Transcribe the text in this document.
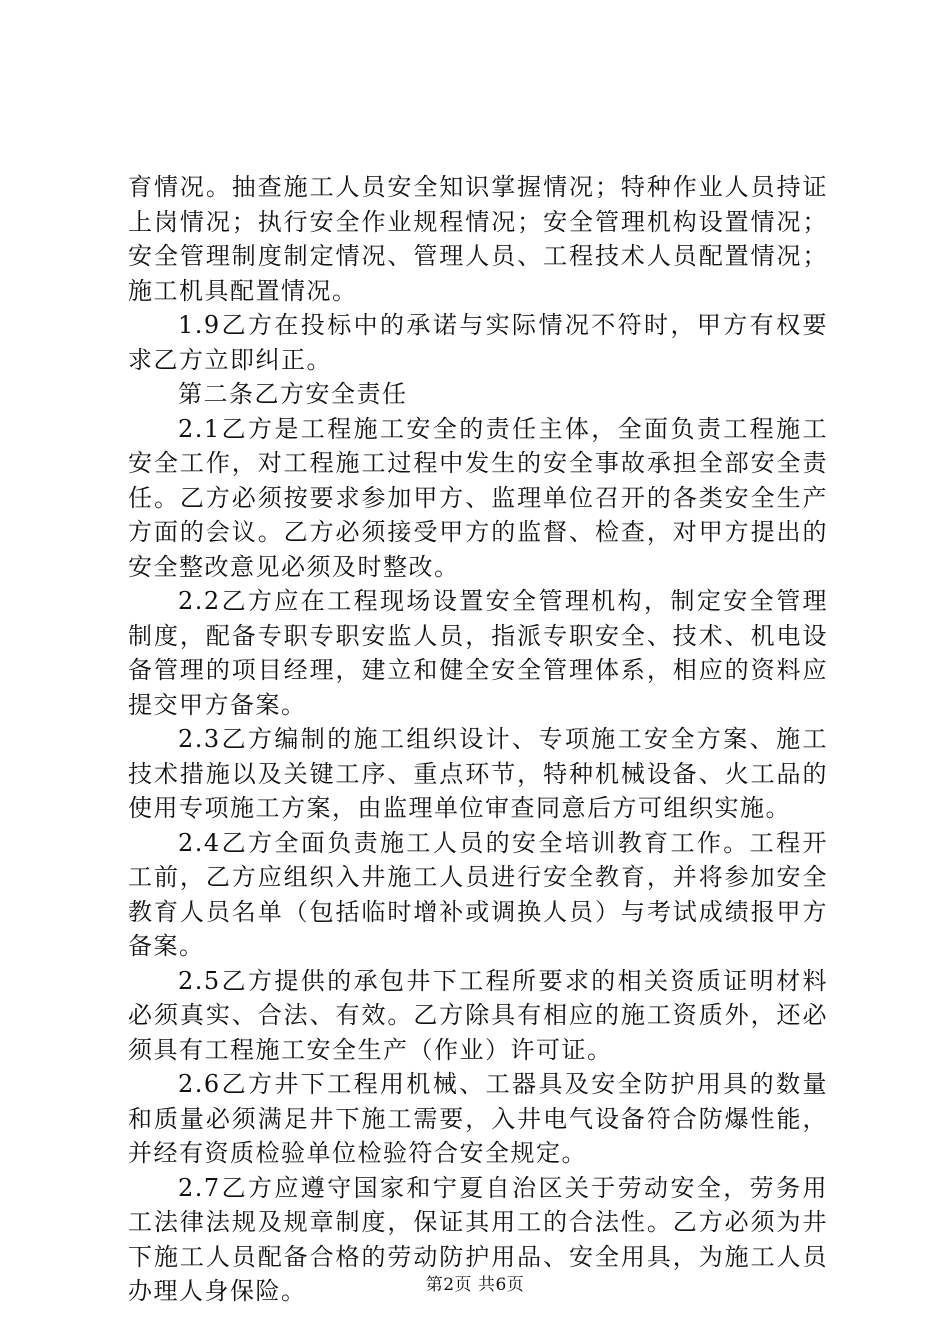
育情况。抽查施工人员安全知识掌握情况；特种作业人员持证上岗情况；执行安全作业规程情况；安全管理机构设置情况；安全管理制度制定情况、管理人员、工程技术人员配置情况；施工机具配置情况。

1.9乙方在投标中的承诺与实际情况不符时，甲方有权要求乙方立即纠正。

第二条乙方安全责任

2.1乙方是工程施工安全的责任主体，全面负责工程施工安全工作，对工程施工过程中发生的安全事故承担全部安全责任。乙方必须按要求参加甲方、监理单位召开的各类安全生产方面的会议。乙方必须接受甲方的监督、检查，对甲方提出的安全整改意见必须及时整改。

2.2乙方应在工程现场设置安全管理机构，制定安全管理制度，配备专职专职安监人员，指派专职安全、技术、机电设备管理的项目经理，建立和健全安全管理体系，相应的资料应提交甲方备案。

2.3乙方编制的施工组织设计、专项施工安全方案、施工技术措施以及关键工序、重点环节，特种机械设备、火工品的使用专项施工方案，由监理单位审查同意后方可组织实施。

2.4乙方全面负责施工人员的安全培训教育工作。工程开工前，乙方应组织入井施工人员进行安全教育，并将参加安全教育人员名单（包括临时增补或调换人员）与考试成绩报甲方备案。

2.5乙方提供的承包井下工程所要求的相关资质证明材料必须真实、合法、有效。乙方除具有相应的施工资质外，还必须具有工程施工安全生产（作业）许可证。

2.6乙方井下工程用机械、工器具及安全防护用具的数量和质量必须满足井下施工需要，入井电气设备符合防爆性能，并经有资质检验单位检验符合安全规定。

2.7乙方应遵守国家和宁夏自治区关于劳动安全，劳务用工法律法规及规章制度，保证其用工的合法性。乙方必须为井下施工人员配备合格的劳动防护用品、安全用具，为施工人员办理人身保险。	第2页 共6页
